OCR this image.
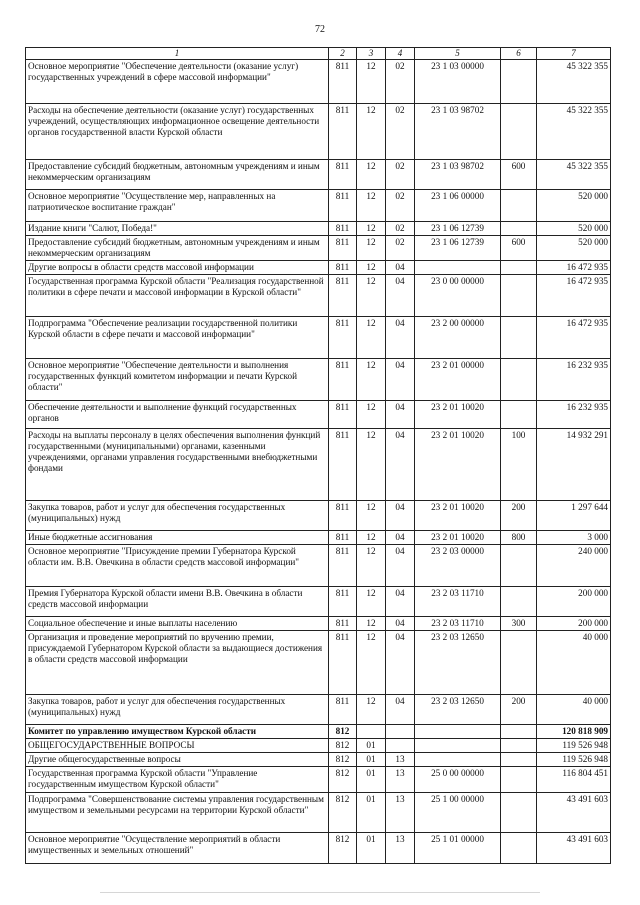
72
1	2	3	4	5	6	7
Основное мероприятие "Обеспечение деятельности (оказание услуг) государственных учреждений в сфере массовой информации"	811	12	02	23 1 03 00000		45 322 355
Расходы на обеспечение деятельности (оказание услуг) государственных учреждений, осуществляющих информационное освещение деятельности органов государственной власти Курской области	811	12	02	23 1 03 98702		45 322 355
Предоставление субсидий бюджетным, автономным учреждениям и иным некоммерческим организациям	811	12	02	23 1 03 98702	600	45 322 355
Основное мероприятие "Осуществление мер, направленных на патриотическое воспитание граждан"	811	12	02	23 1 06 00000		520 000
Издание книги "Салют, Победа!"	811	12	02	23 1 06 12739		520 000
Предоставление субсидий бюджетным, автономным учреждениям и иным некоммерческим организациям	811	12	02	23 1 06 12739	600	520 000
Другие вопросы в области средств массовой информации	811	12	04			16 472 935
Государственная программа Курской области "Реализация государственной политики в сфере печати и массовой информации в Курской области"	811	12	04	23 0 00 00000		16 472 935
Подпрограмма "Обеспечение реализации государственной политики Курской области в сфере печати и массовой информации"	811	12	04	23 2 00 00000		16 472 935
Основное мероприятие "Обеспечение деятельности и выполнения государственных функций комитетом информации и печати Курской области"	811	12	04	23 2 01 00000		16 232 935
Обеспечение деятельности и выполнение функций государственных органов	811	12	04	23 2 01 10020		16 232 935
Расходы на выплаты персоналу в целях обеспечения выполнения функций государственными (муниципальными) органами, казенными учреждениями, органами управления государственными внебюджетными фондами	811	12	04	23 2 01 10020	100	14 932 291
Закупка товаров, работ и услуг для обеспечения государственных (муниципальных) нужд	811	12	04	23 2 01 10020	200	1 297 644
Иные бюджетные ассигнования	811	12	04	23 2 01 10020	800	3 000
Основное мероприятие "Присуждение премии Губернатора Курской области им. В.В. Овечкина в области средств массовой информации"	811	12	04	23 2 03 00000		240 000
Премия Губернатора Курской области имени В.В. Овечкина в области средств массовой информации	811	12	04	23 2 03 11710		200 000
Социальное обеспечение и иные выплаты населению	811	12	04	23 2 03 11710	300	200 000
Организация и проведение мероприятий по вручению премии, присуждаемой Губернатором Курской области за выдающиеся достижения в области средств массовой информации	811	12	04	23 2 03 12650		40 000
Закупка товаров, работ и услуг для обеспечения государственных (муниципальных) нужд	811	12	04	23 2 03 12650	200	40 000
Комитет по управлению имуществом Курской области	812					120 818 909
ОБЩЕГОСУДАРСТВЕННЫЕ ВОПРОСЫ	812	01				119 526 948
Другие общегосударственные вопросы	812	01	13			119 526 948
Государственная программа Курской области "Управление государственным имуществом Курской области"	812	01	13	25 0 00 00000		116 804 451
Подпрограмма "Совершенствование системы управления государственным имуществом и земельными ресурсами на территории Курской области"	812	01	13	25 1 00 00000		43 491 603
Основное мероприятие "Осуществление мероприятий в области имущественных и земельных отношений"	812	01	13	25 1 01 00000		43 491 603
